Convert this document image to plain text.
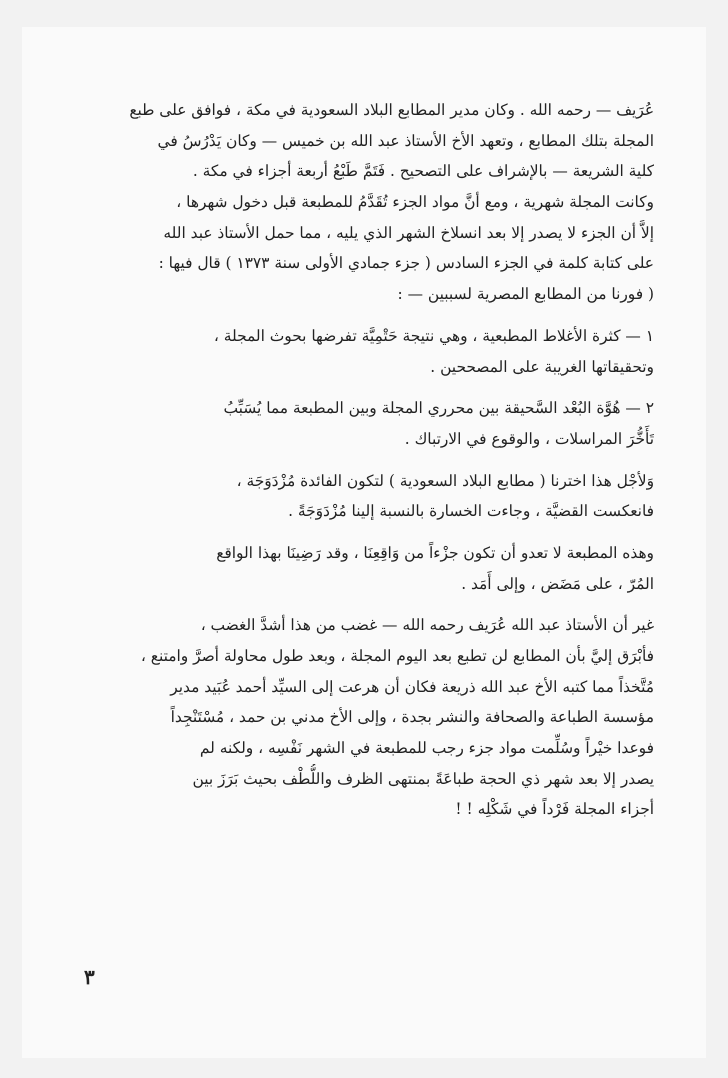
عُرَيف — رحمه الله . وكان مدير المطابع البلاد السعودية في مكة ، فوافق على طبع
المجلة بتلك المطابع ، وتعهد الأخ الأستاذ عبد الله بن خميس — وكان يَدْرُسُ في
كلية الشريعة — بالإشراف على التصحيح . فَتَمَّ طَبْعُ أربعة أجزاء في مكة .
وكانت المجلة شهرية ، ومع أنَّ مواد الجزء تُقَدَّمُ للمطبعة قبل دخول شهرها ،
إلاَّ أن الجزء لا يصدر إلا بعد انسلاخ الشهر الذي يليه ، مما حمل الأستاذ عبد الله
على كتابة كلمة في الجزء السادس ( جزء جمادي الأولى سنة ١٣٧٣ ) قال فيها :
( فورنا من المطابع المصرية لسببين — :
١ — كثرة الأغلاط المطبعية ، وهي نتيجة حَتْمِيَّة تفرضها بحوث المجلة ،
وتحقيقاتها الغريبة على المصححين .
٢ — هُوَّة البُعْد السَّحيقة بين محرري المجلة وبين المطبعة مما يُسَبِّبُ
تَأَخُّرَ المراسلات ، والوقوع في الارتباك .
وَلأجْل هذا اخترنا ( مطابع البلاد السعودية ) لتكون الفائدة مُزْدَوَجَة ،
فانعكست القضيَّة ، وجاءت الخسارة بالنسبة إلينا مُزْدَوَجَةً .
وهذه المطبعة لا تعدو أن تكون جزْءاً من وَاقِعِنَا ، وقد رَضِينَا بهذا الواقع
المُرّ ، على مَضَض ، وإلى أَمَد .
غير أن الأستاذ عبد الله عُرَيف رحمه الله — غضب من هذا أشدَّ الغضب ،
فأبْرَق إليَّ بأن المطابع لن تطبع بعد اليوم المجلة ، وبعد طول محاولة أصرَّ وامتنع ،
مُتَّخذاً مما كتبه الأخ عبد الله ذريعة فكان أن هرعت إلى السيِّد أحمد عُبَيد مدير
مؤسسة الطباعة والصحافة والنشر بجدة ، وإلى الأخ مدني بن حمد ، مُسْتَنْجِداً
فوعدا خيْراً وسُلِّمت مواد جزء رجب للمطبعة في الشهر نَفْسِه ، ولكنه لم
يصدر إلا بعد شهر ذي الحجة طباعَةً بمنتهى الظرف واللُّطْف بحيث بَرَزَ بين
أجزاء المجلة فَرْداً في شَكْلِه ! !
٣
